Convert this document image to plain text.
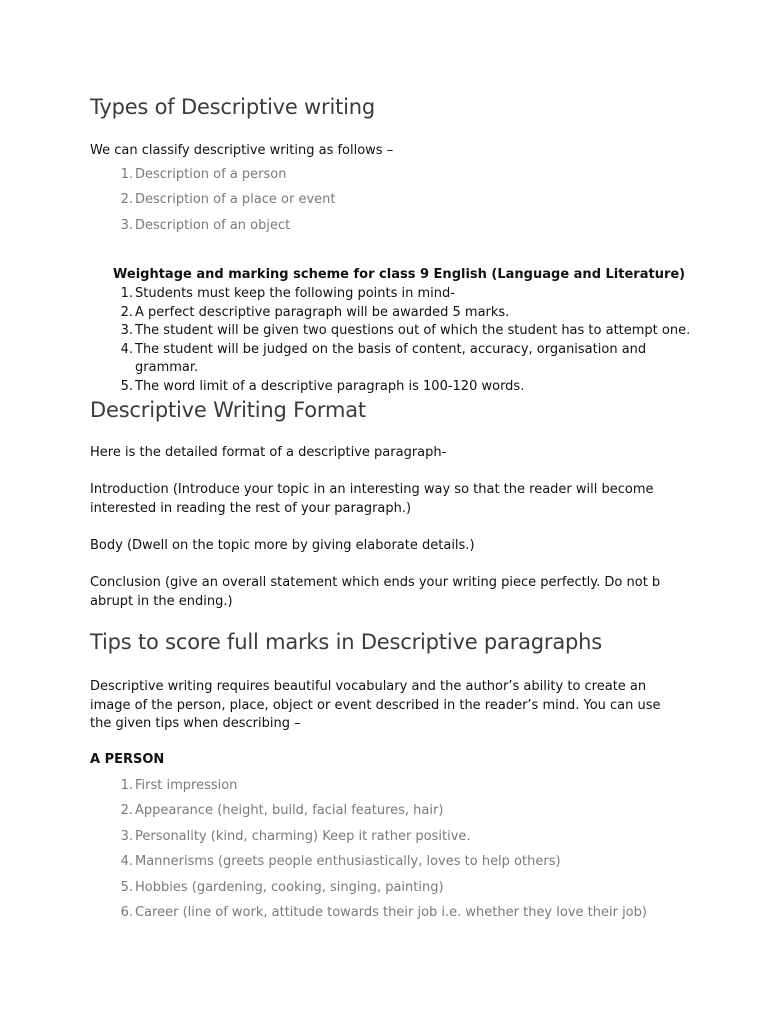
Types of Descriptive writing

We can classify descriptive writing as follows –

1. Description of a person
2. Description of a place or event
3. Description of an object

Weightage and marking scheme for class 9 English (Language and Literature)

1. Students must keep the following points in mind-
2. A perfect descriptive paragraph will be awarded 5 marks.
3. The student will be given two questions out of which the student has to attempt one.
4. The student will be judged on the basis of content, accuracy, organisation and grammar.
5. The word limit of a descriptive paragraph is 100-120 words.
Descriptive Writing Format

Here is the detailed format of a descriptive paragraph-

Introduction (Introduce your topic in an interesting way so that the reader will become interested in reading the rest of your paragraph.)

Body (Dwell on the topic more by giving elaborate details.)

Conclusion (give an overall statement which ends your writing piece perfectly. Do not b abrupt in the ending.)

Tips to score full marks in Descriptive paragraphs

Descriptive writing requires beautiful vocabulary and the author’s ability to create an image of the person, place, object or event described in the reader’s mind. You can use the given tips when describing –

A PERSON

1. First impression
2. Appearance (height, build, facial features, hair)
3. Personality (kind, charming) Keep it rather positive.
4. Mannerisms (greets people enthusiastically, loves to help others)
5. Hobbies (gardening, cooking, singing, painting)
6. Career (line of work, attitude towards their job i.e. whether they love their job)
